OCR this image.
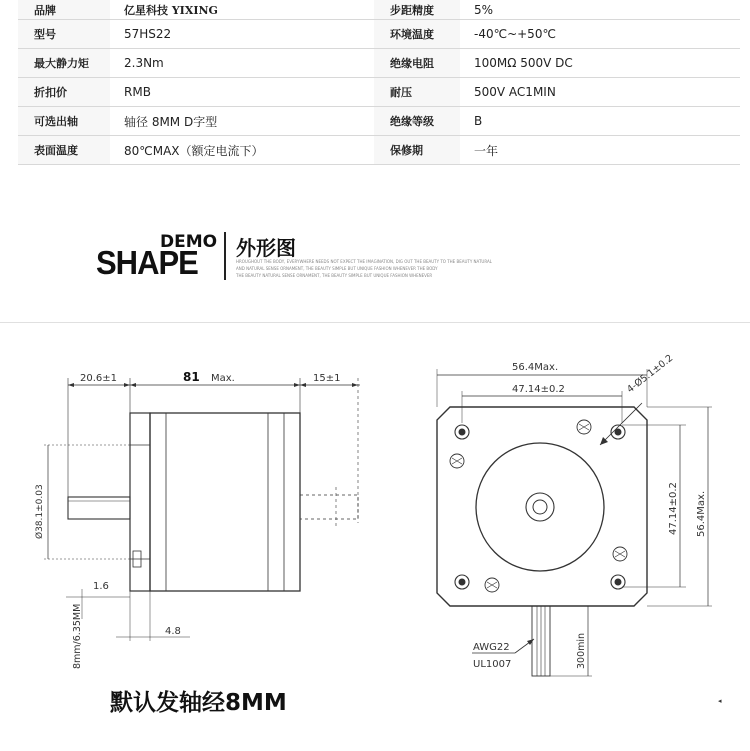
品牌	亿星科技 YIXING	步距精度	5%
型号	57HS22	环境温度	-40℃~+50℃
最大静力矩	2.3Nm	绝缘电阻	100MΩ 500V DC
折扣价	RMB	耐压	500V AC1MIN
可选出轴	轴径 8MM D字型	绝缘等级	B
表面温度	80℃MAX（额定电流下）	保修期	一年
DEMO
SHAPE 外形图
HROUGHOUT THE BODY, EVERYWHERE NEEDS NOT EXPECT THE IMAGINATION, DIG OUT THE BEAUTY TO THE BEAUTY NATURAL
AND NATURAL SENSE ORNAMENT, THE BEAUTY SIMPLE BUT UNIQUE FASHION WHENEVER THE BODY
THE BEAUTY NATURAL SENSE ORNAMENT, THE BEAUTY SIMPLE BUT UNIQUE FASHION WHENEVER
20.6±1	81 Max.	15±1
Ø38.1±0.03
1.6
8mm/6.35MM	4.8
56.4Max.
47.14±0.2	4-Ø5.1±0.2
47.14±0.2 56.4Max.
300min
AWG22
UL1007
默认发轴经8MM	◂
